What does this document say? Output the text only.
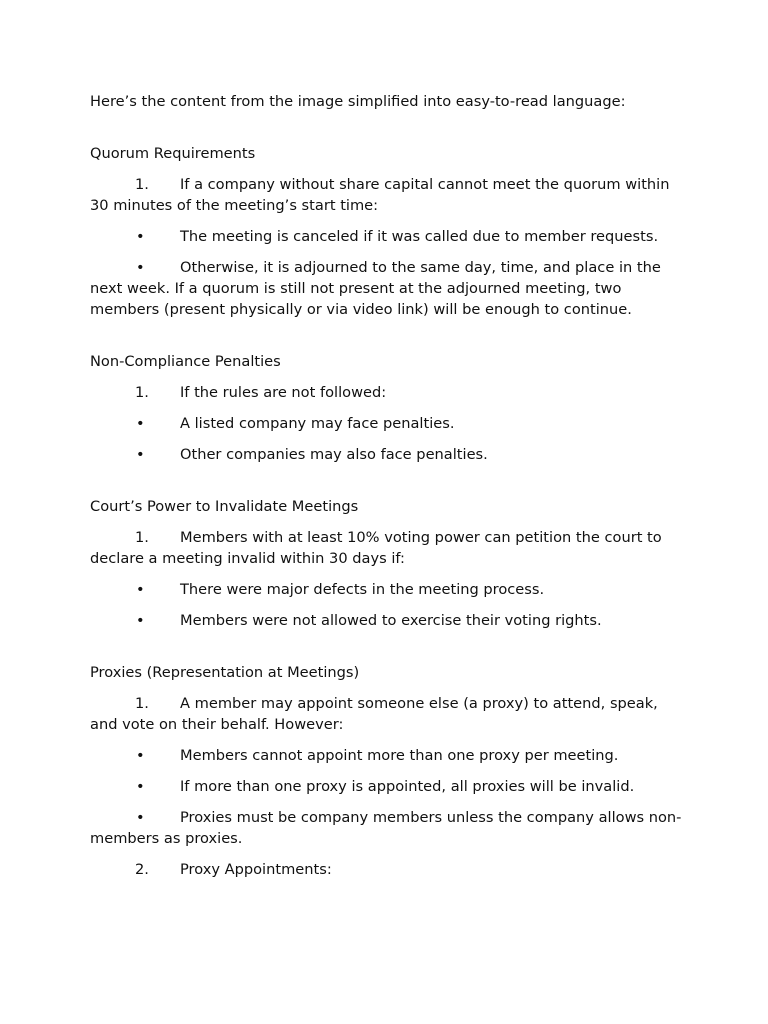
Here’s the content from the image simplified into easy-to-read language:

Quorum Requirements

1. If a company without share capital cannot meet the quorum within 30 minutes of the meeting’s start time:

• The meeting is canceled if it was called due to member requests.

• Otherwise, it is adjourned to the same day, time, and place in the next week. If a quorum is still not present at the adjourned meeting, two members (present physically or via video link) will be enough to continue.

Non-Compliance Penalties

1. If the rules are not followed:

• A listed company may face penalties.

• Other companies may also face penalties.

Court’s Power to Invalidate Meetings

1. Members with at least 10% voting power can petition the court to declare a meeting invalid within 30 days if:

• There were major defects in the meeting process.

• Members were not allowed to exercise their voting rights.

Proxies (Representation at Meetings)

1. A member may appoint someone else (a proxy) to attend, speak, and vote on their behalf. However:

• Members cannot appoint more than one proxy per meeting.

• If more than one proxy is appointed, all proxies will be invalid.

• Proxies must be company members unless the company allows non-members as proxies.

2. Proxy Appointments:
